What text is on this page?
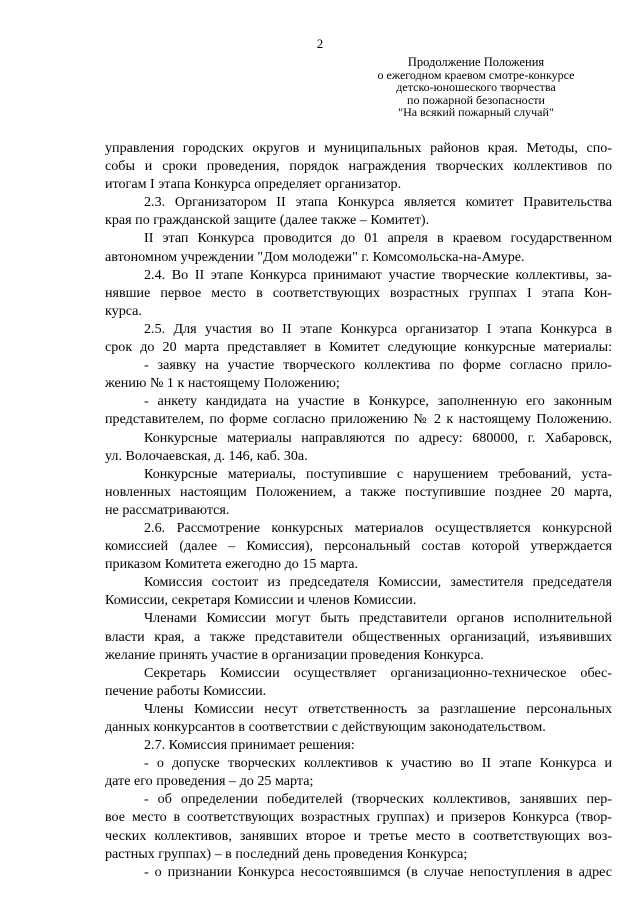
2
Продолжение Положения
о ежегодном краевом смотре-конкурсе
детско-юношеского творчества
по пожарной безопасности
"На всякий пожарный случай"
управления городских округов и муниципальных районов края. Методы, спо-
собы и сроки проведения, порядок награждения творческих коллективов по
итогам I этапа Конкурса определяет организатор.
2.3. Организатором II этапа Конкурса является комитет Правительства
края по гражданской защите (далее также – Комитет).
II этап Конкурса проводится до 01 апреля в краевом государственном
автономном учреждении "Дом молодежи" г. Комсомольска-на-Амуре.
2.4. Во II этапе Конкурса принимают участие творческие коллективы, за-
нявшие первое место в соответствующих возрастных группах I этапа Кон-
курса.
2.5. Для участия во II этапе Конкурса организатор I этапа Конкурса в
срок до 20 марта представляет в Комитет следующие конкурсные материалы:
- заявку на участие творческого коллектива по форме согласно прило-
жению № 1 к настоящему Положению;
- анкету кандидата на участие в Конкурсе, заполненную его законным
представителем, по форме согласно приложению № 2 к настоящему Положению.
Конкурсные материалы направляются по адресу: 680000, г. Хабаровск,
ул. Волочаевская, д. 146, каб. 30а.
Конкурсные материалы, поступившие с нарушением требований, уста-
новленных настоящим Положением, а также поступившие позднее 20 марта,
не рассматриваются.
2.6. Рассмотрение конкурсных материалов осуществляется конкурсной
комиссией (далее – Комиссия), персональный состав которой утверждается
приказом Комитета ежегодно до 15 марта.
Комиссия состоит из председателя Комиссии, заместителя председателя
Комиссии, секретаря Комиссии и членов Комиссии.
Членами Комиссии могут быть представители органов исполнительной
власти края, а также представители общественных организаций, изъявивших
желание принять участие в организации проведения Конкурса.
Секретарь Комиссии осуществляет организационно-техническое обес-
печение работы Комиссии.
Члены Комиссии несут ответственность за разглашение персональных
данных конкурсантов в соответствии с действующим законодательством.
2.7. Комиссия принимает решения:
- о допуске творческих коллективов к участию во II этапе Конкурса и
дате его проведения – до 25 марта;
- об определении победителей (творческих коллективов, занявших пер-
вое место в соответствующих возрастных группах) и призеров Конкурса (твор-
ческих коллективов, занявших второе и третье место в соответствующих воз-
растных группах) – в последний день проведения Конкурса;
- о признании Конкурса несостоявшимся (в случае непоступления в адрес
